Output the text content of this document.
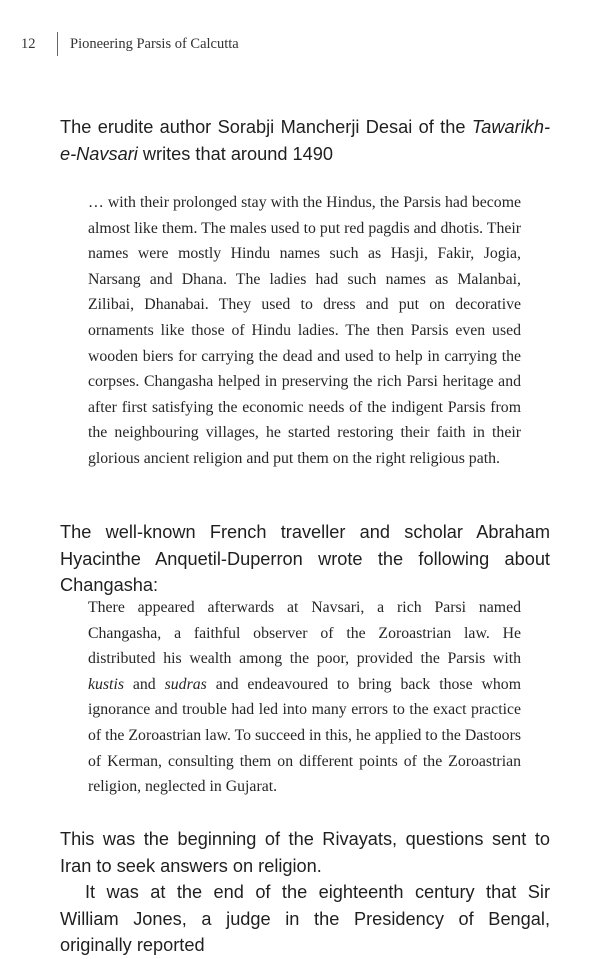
12	Pioneering Parsis of Calcutta

The erudite author Sorabji Mancherji Desai of the Tawarikh-e-Navsari writes that around 1490

… with their prolonged stay with the Hindus, the Parsis had become almost like them. The males used to put red pagdis and dhotis. Their names were mostly Hindu names such as Hasji, Fakir, Jogia, Narsang and Dhana. The ladies had such names as Malanbai, Zilibai, Dhanabai. They used to dress and put on decorative ornaments like those of Hindu ladies. The then Parsis even used wooden biers for carrying the dead and used to help in carrying the corpses. Changasha helped in preserving the rich Parsi heritage and after first satisfying the economic needs of the indigent Parsis from the neighbouring villages, he started restoring their faith in their glorious ancient religion and put them on the right religious path.

The well-known French traveller and scholar Abraham Hyacinthe Anquetil-Duperron wrote the following about Changasha:

There appeared afterwards at Navsari, a rich Parsi named Changasha, a faithful observer of the Zoroastrian law. He distributed his wealth among the poor, provided the Parsis with kustis and sudras and endeavoured to bring back those whom ignorance and trouble had led into many errors to the exact practice of the Zoroastrian law. To succeed in this, he applied to the Dastoors of Kerman, consulting them on different points of the Zoroastrian religion, neglected in Gujarat.

This was the beginning of the Rivayats, questions sent to Iran to seek answers on religion.

It was at the end of the eighteenth century that Sir William Jones, a judge in the Presidency of Bengal, originally reported
